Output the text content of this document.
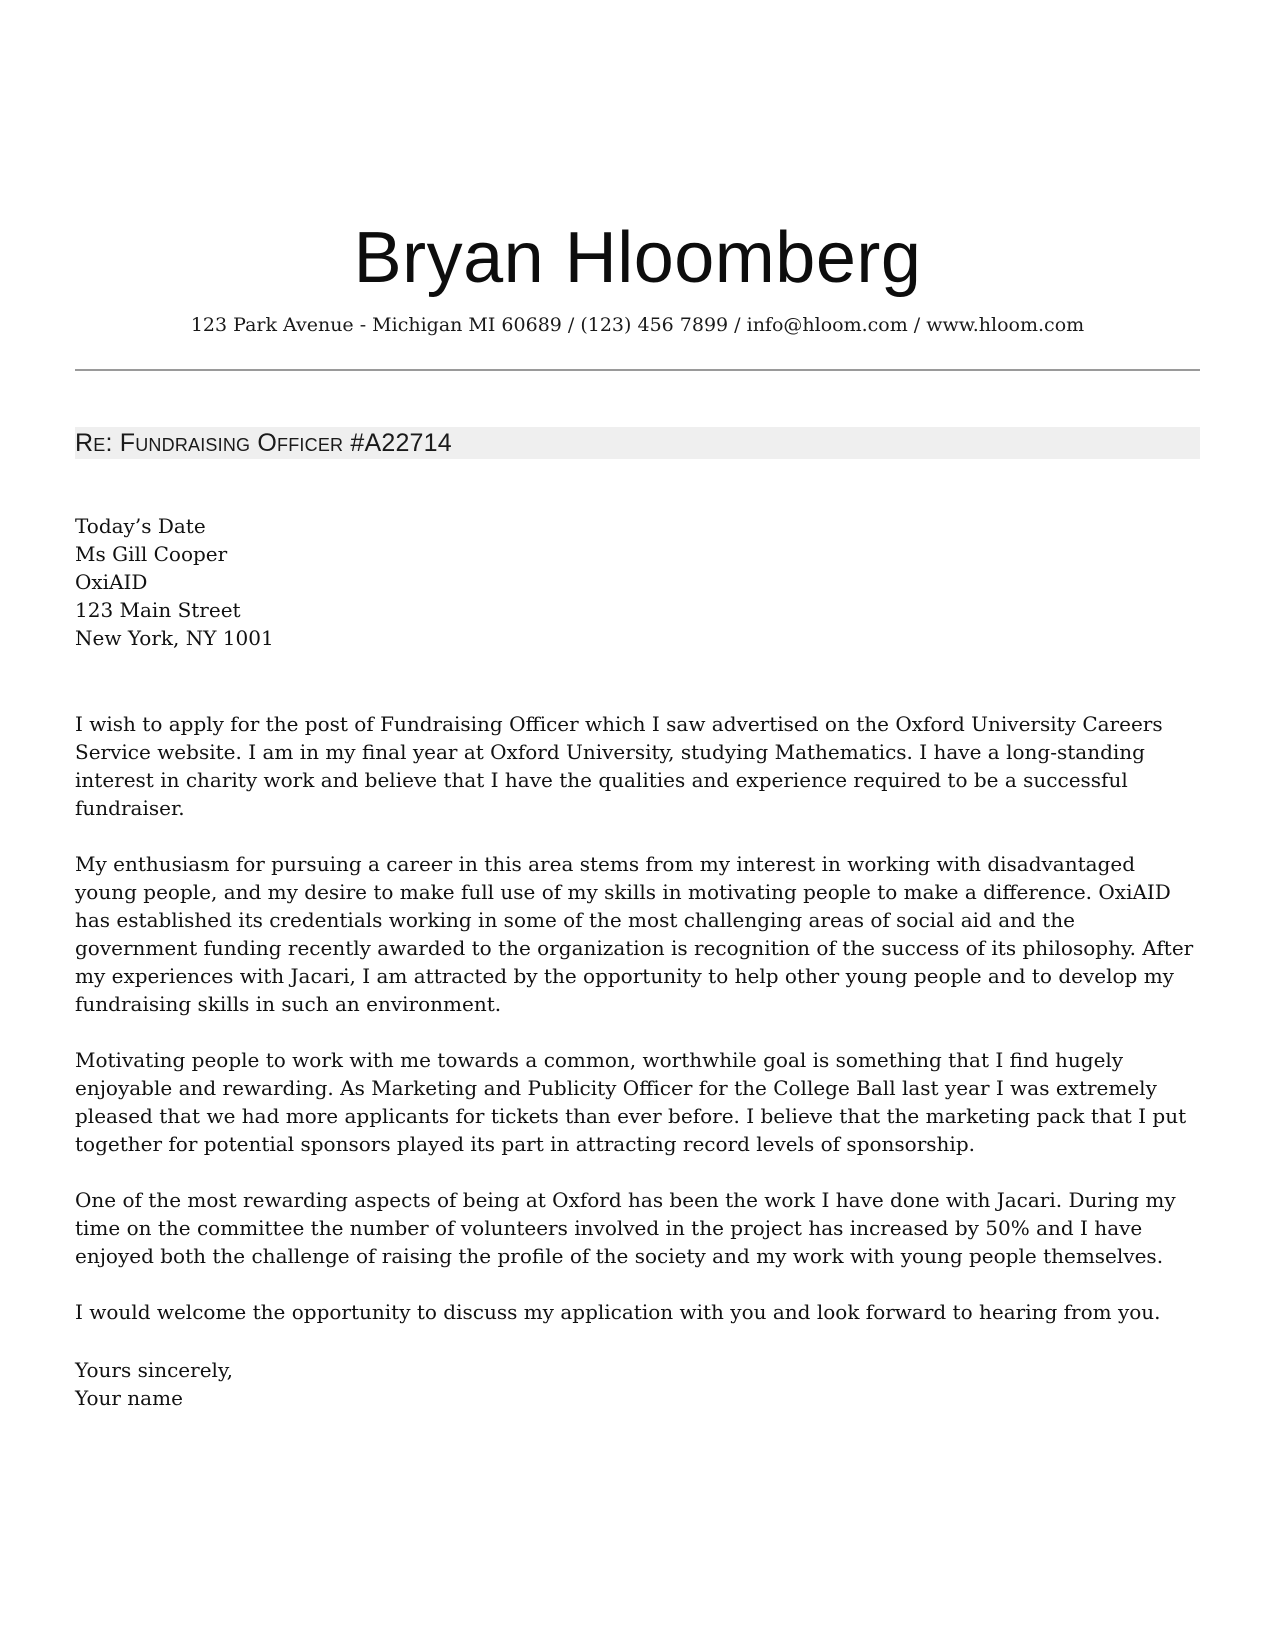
Bryan Hloomberg
123 Park Avenue - Michigan MI 60689 / (123) 456 7899 / info@hloom.com / www.hloom.com
Re: Fundraising Officer #A22714
Today’s Date
Ms Gill Cooper
OxiAID
123 Main Street
New York, NY 1001

I wish to apply for the post of Fundraising Officer which I saw advertised on the Oxford University Careers Service website. I am in my final year at Oxford University, studying Mathematics. I have a long-standing interest in charity work and believe that I have the qualities and experience required to be a successful fundraiser.

My enthusiasm for pursuing a career in this area stems from my interest in working with disadvantaged young people, and my desire to make full use of my skills in motivating people to make a difference. OxiAID has established its credentials working in some of the most challenging areas of social aid and the government funding recently awarded to the organization is recognition of the success of its philosophy. After my experiences with Jacari, I am attracted by the opportunity to help other young people and to develop my fundraising skills in such an environment.

Motivating people to work with me towards a common, worthwhile goal is something that I find hugely enjoyable and rewarding. As Marketing and Publicity Officer for the College Ball last year I was extremely pleased that we had more applicants for tickets than ever before. I believe that the marketing pack that I put together for potential sponsors played its part in attracting record levels of sponsorship.

One of the most rewarding aspects of being at Oxford has been the work I have done with Jacari. During my time on the committee the number of volunteers involved in the project has increased by 50% and I have enjoyed both the challenge of raising the profile of the society and my work with young people themselves.

I would welcome the opportunity to discuss my application with you and look forward to hearing from you.

Yours sincerely,
Your name
